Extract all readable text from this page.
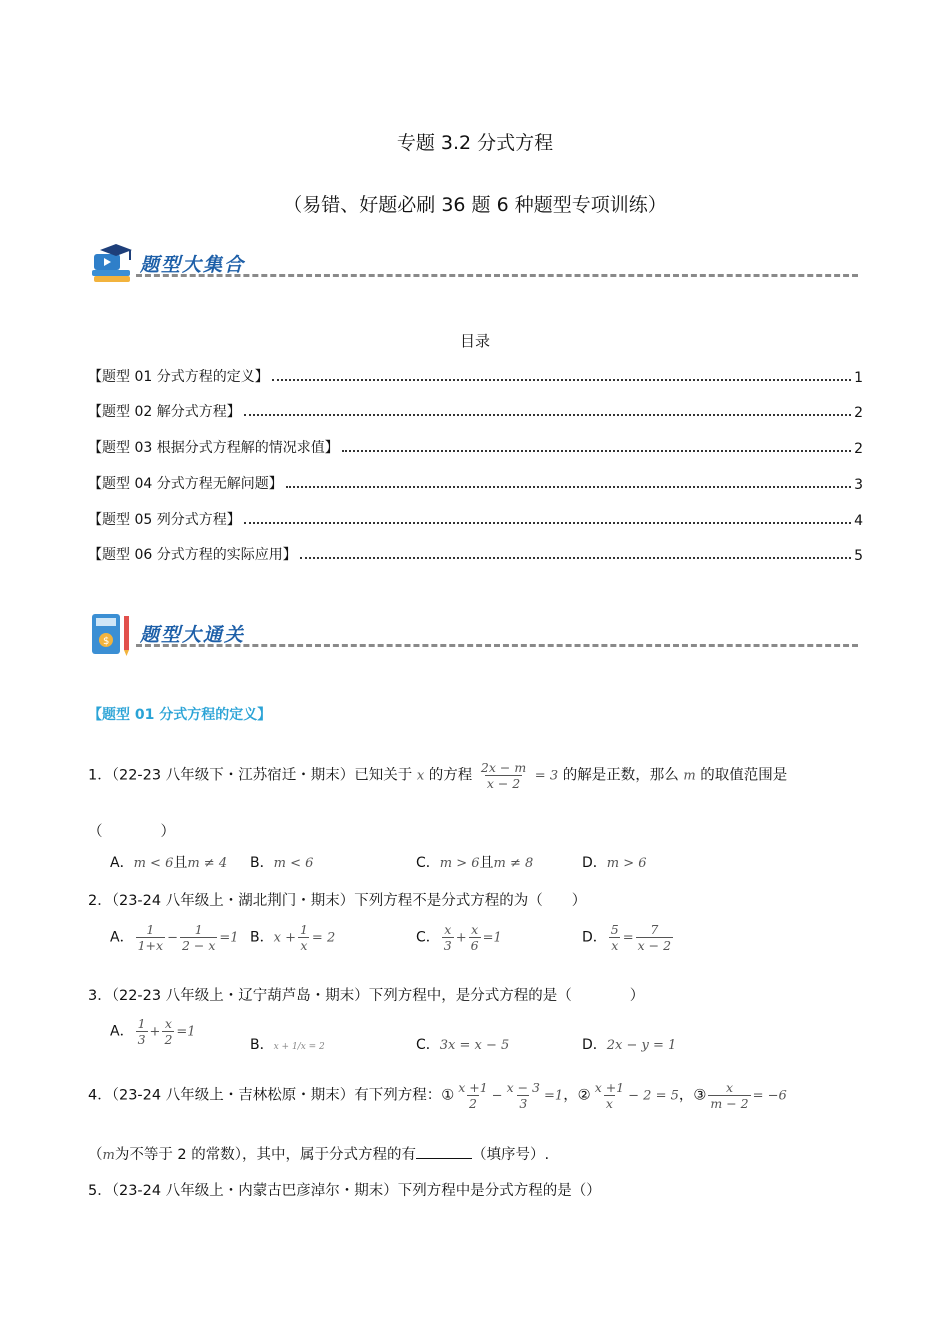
专题 3.2 分式方程
（易错、好题必刷 36 题 6 种题型专项训练）
题型大集合
目录
【题型 01 分式方程的定义】	1
【题型 02 解分式方程】	2
【题型 03 根据分式方程解的情况求值】	2
【题型 04 分式方程无解问题】	3
【题型 05 列分式方程】	4
【题型 06 分式方程的实际应用】	5
$ 题型大通关
【题型 01 分式方程的定义】
1．（22-23 八年级下・江苏宿迁・期末）已知关于 x 的方程 $\frac{2x - m}{x - 2} = 3$ 的解是正数，那么 m 的取值范围是
（　　　　）
A．m < 6且m ≠ 4 B．m < 6	C．m > 6且m ≠ 8	D．m > 6
2．（23-24 八年级上・湖北荆门・期末）下列方程不是分式方程的为（　　）
A． $\frac{1}{1+x} - \frac{1}{2 - x} =1$ B．$x + \frac{1}{x} = 2$	C． $\frac{x}{3} + \frac{x}{6} =1$	D． $\frac{5}{x} = \frac{7}{x - 2}$
3．（22-23 八年级上・辽宁葫芦岛・期末）下列方程中，是分式方程的是（　　　　）
A． $\frac{1}{3} + \frac{x}{2} =1$
B．x + 1/x = 2	C．3x = x − 5	D．2x − y = 1
4．（23-24 八年级上・吉林松原・期末）有下列方程：① $\frac{x +1}{2} - \frac{x - 3}{3} =1$，② $\frac{x +1}{x} - 2 = 5$，③ $\frac{x}{m - 2} = -6$
（m为不等于 2 的常数），其中，属于分式方程的有	（填序号）.
5．（23-24 八年级上・内蒙古巴彦淖尔・期末）下列方程中是分式方程的是（）
